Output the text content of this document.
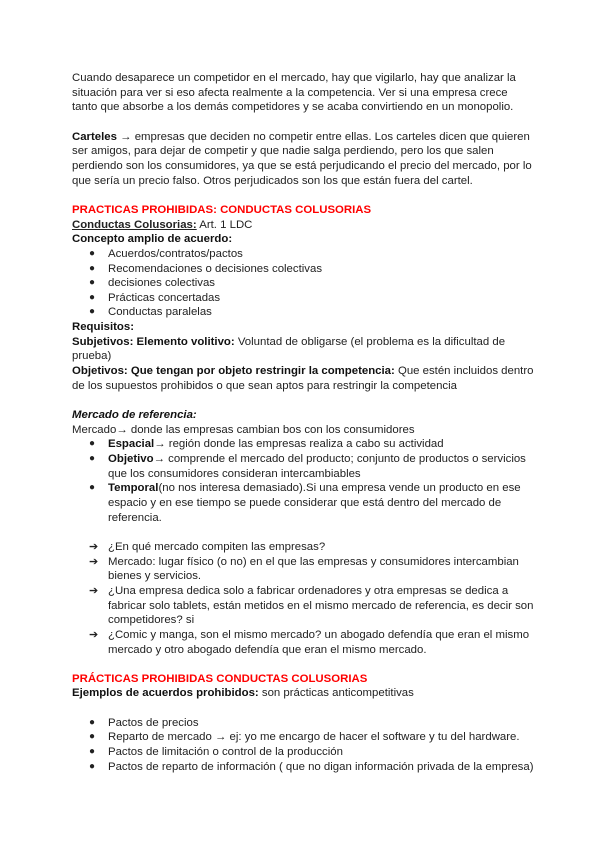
Cuando desaparece un competidor en el mercado, hay que vigilarlo, hay que analizar la situación para ver si eso afecta realmente a la competencia. Ver si una empresa crece tanto que absorbe a los demás competidores y se acaba convirtiendo en un monopolio.

Carteles → empresas que deciden no competir entre ellas. Los carteles dicen que quieren ser amigos, para dejar de competir y que nadie salga perdiendo, pero los que salen perdiendo son los consumidores, ya que se está perjudicando el precio del mercado, por lo que sería un precio falso. Otros perjudicados son los que están fuera del cartel.

PRACTICAS PROHIBIDAS: CONDUCTAS COLUSORIAS

Conductas Colusorias: Art. 1 LDC

Concepto amplio de acuerdo:

● Acuerdos/contratos/pactos
● Recomendaciones o decisiones colectivas
● decisiones colectivas
● Prácticas concertadas
● Conductas paralelas

Requisitos:

Subjetivos: Elemento volitivo: Voluntad de obligarse (el problema es la dificultad de prueba)

Objetivos: Que tengan por objeto restringir la competencia: Que estén incluidos dentro de los supuestos prohibidos o que sean aptos para restringir la competencia

Mercado de referencia:

Mercado→ donde las empresas cambian bos con los consumidores

● Espacial→ región donde las empresas realiza a cabo su actividad
● Objetivo→ comprende el mercado del producto; conjunto de productos o servicios que los consumidores consideran intercambiables
● Temporal(no nos interesa demasiado).Si una empresa vende un producto en ese espacio y en ese tiempo se puede considerar que está dentro del mercado de referencia.
➔ ¿En qué mercado compiten las empresas?
➔ Mercado: lugar físico (o no) en el que las empresas y consumidores intercambian bienes y servicios.
➔ ¿Una empresa dedica solo a fabricar ordenadores y otra empresas se dedica a fabricar solo tablets, están metidos en el mismo mercado de referencia, es decir son competidores? si
➔ ¿Comic y manga, son el mismo mercado? un abogado defendía que eran el mismo mercado y otro abogado defendía que eran el mismo mercado.

PRÁCTICAS PROHIBIDAS CONDUCTAS COLUSORIAS

Ejemplos de acuerdos prohibidos: son prácticas anticompetitivas

● Pactos de precios
● Reparto de mercado → ej: yo me encargo de hacer el software y tu del hardware.
● Pactos de limitación o control de la producción
● Pactos de reparto de información ( que no digan información privada de la empresa)
